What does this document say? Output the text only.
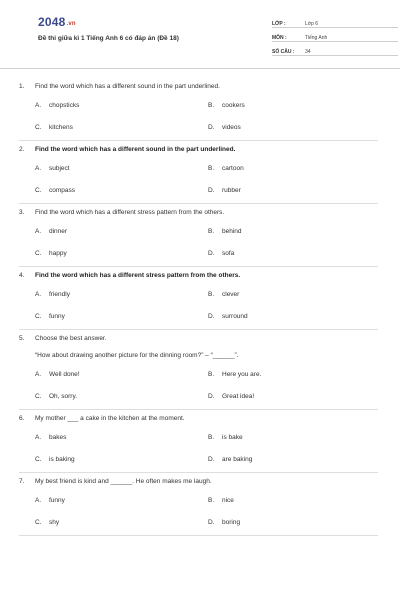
2048.vn
Đề thi giữa kì 1 Tiếng Anh 6 có đáp án (Đề 18)
LỚP :	Lớp 6
MÔN :	Tiếng Anh
SỐ CÂU :	34
1.	Find the word which has a different sound in the part underlined.
A.	chopsticks	B.	cookers
C.	kitchens	D.	videos
2.	Find the word which has a different sound in the part underlined.
A.	subject	B.	cartoon
C.	compass	D.	rubber
3.	Find the word which has a different stress pattern from the others.
A.	dinner	B.	behind
C.	happy	D.	sofa
4.	Find the word which has a different stress pattern from the others.
A.	friendly	B.	clever
C.	funny	D.	surround
5.	Choose the best answer.
“How about drawing another picture for the dinning room?” – “______”.
A.	Well done!	B.	Here you are.
C.	Oh, sorry.	D.	Great idea!
6.	My mother ___ a cake in the kitchen at the moment.
A.	bakes	B.	is bake
C.	is baking	D.	are baking
7.	My best friend is kind and ______. He often makes me laugh.
A.	funny	B.	nice
C.	shy	D.	boring
